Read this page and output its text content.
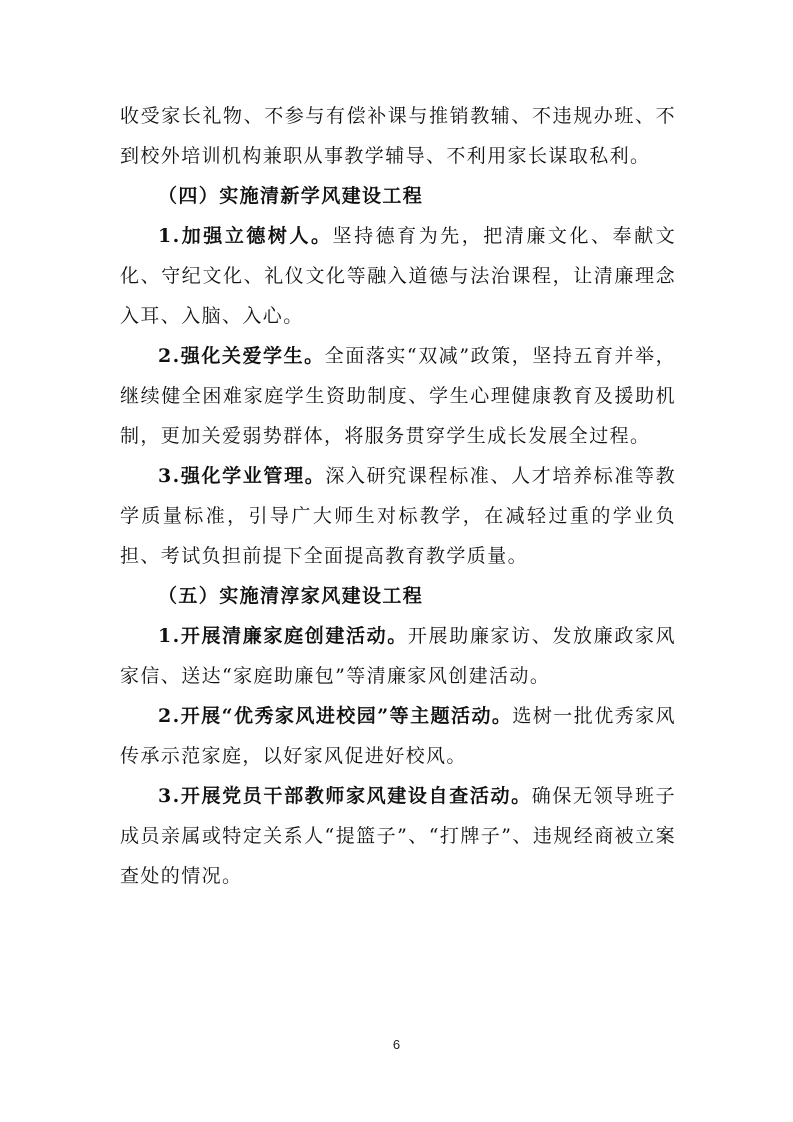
收受家长礼物、不参与有偿补课与推销教辅、不违规办班、不到校外培训机构兼职从事教学辅导、不利用家长谋取私利。

（四）实施清新学风建设工程

1.加强立德树人。坚持德育为先，把清廉文化、奉献文化、守纪文化、礼仪文化等融入道德与法治课程，让清廉理念入耳、入脑、入心。

2.强化关爱学生。全面落实“双减”政策，坚持五育并举，继续健全困难家庭学生资助制度、学生心理健康教育及援助机制，更加关爱弱势群体，将服务贯穿学生成长发展全过程。

3.强化学业管理。深入研究课程标准、人才培养标准等教学质量标准，引导广大师生对标教学，在减轻过重的学业负担、考试负担前提下全面提高教育教学质量。

（五）实施清淳家风建设工程

1.开展清廉家庭创建活动。开展助廉家访、发放廉政家风家信、送达“家庭助廉包”等清廉家风创建活动。

2.开展“优秀家风进校园”等主题活动。选树一批优秀家风传承示范家庭，以好家风促进好校风。

3.开展党员干部教师家风建设自查活动。确保无领导班子成员亲属或特定关系人“提篮子”、“打牌子”、违规经商被立案查处的情况。

6
